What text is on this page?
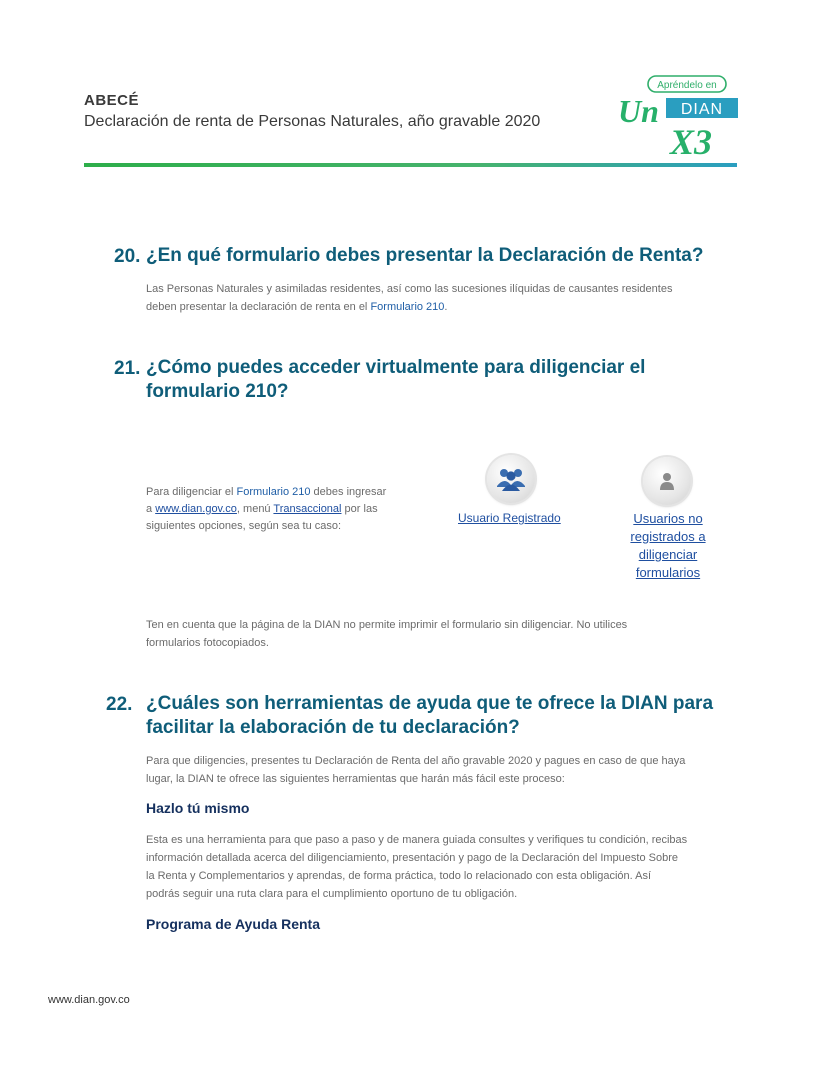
ABECÉ
Declaración de renta de Personas Naturales, año gravable 2020
Apréndelo en
Un DIAN
X3
20. ¿En qué formulario debes presentar la Declaración de Renta?
Las Personas Naturales y asimiladas residentes, así como las sucesiones ilíquidas de causantes residentes
deben presentar la declaración de renta en el Formulario 210.
21. ¿Cómo puedes acceder virtualmente para diligenciar el
formulario 210?
Para diligenciar el Formulario 210 debes ingresar
a www.dian.gov.co, menú Transaccional por las
siguientes opciones, según sea tu caso:
Usuario Registrado	Usuarios no
registrados a
diligenciar
formularios
Ten en cuenta que la página de la DIAN no permite imprimir el formulario sin diligenciar. No utilices
formularios fotocopiados.
22. ¿Cuáles son herramientas de ayuda que te ofrece la DIAN para
facilitar la elaboración de tu declaración?
Para que diligencies, presentes tu Declaración de Renta del año gravable 2020 y pagues en caso de que haya
lugar, la DIAN te ofrece las siguientes herramientas que harán más fácil este proceso:
Hazlo tú mismo
Esta es una herramienta para que paso a paso y de manera guiada consultes y verifiques tu condición, recibas
información detallada acerca del diligenciamiento, presentación y pago de la Declaración del Impuesto Sobre
la Renta y Complementarios y aprendas, de forma práctica, todo lo relacionado con esta obligación. Así
podrás seguir una ruta clara para el cumplimiento oportuno de tu obligación.
Programa de Ayuda Renta
www.dian.gov.co
